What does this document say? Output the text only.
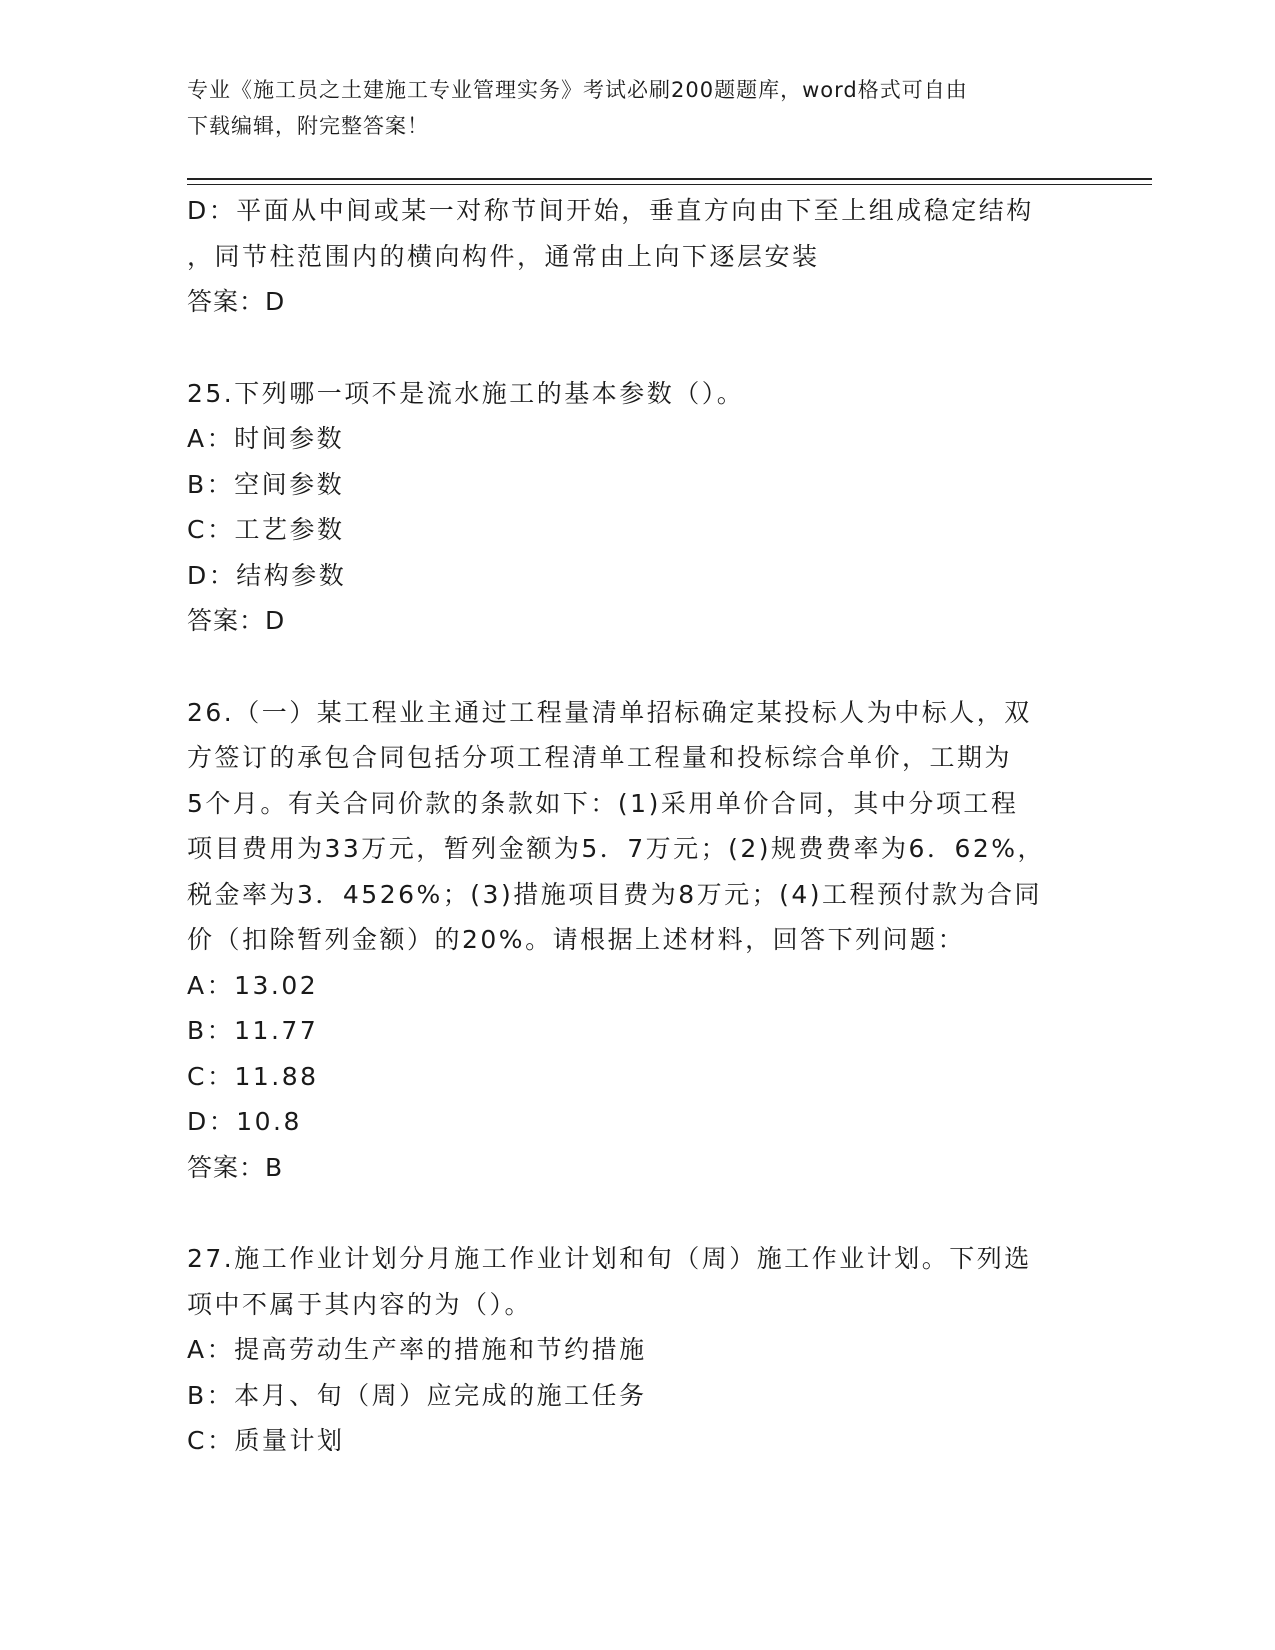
专业《施工员之土建施工专业管理实务》考试必刷200题题库，word格式可自由
下载编辑，附完整答案！
D：平面从中间或某一对称节间开始，垂直方向由下至上组成稳定结构
，同节柱范围内的横向构件，通常由上向下逐层安装
答案：D
25.下列哪一项不是流水施工的基本参数（）。
A：时间参数
B：空间参数
C：工艺参数
D：结构参数
答案：D
26.（一）某工程业主通过工程量清单招标确定某投标人为中标人，双
方签订的承包合同包括分项工程清单工程量和投标综合单价，工期为
5个月。有关合同价款的条款如下：(1)采用单价合同，其中分项工程
项目费用为33万元，暂列金额为5．7万元；(2)规费费率为6．62%，
税金率为3．4526%；(3)措施项目费为8万元；(4)工程预付款为合同
价（扣除暂列金额）的20%。请根据上述材料，回答下列问题：
A：13.02
B：11.77
C：11.88
D：10.8
答案：B
27.施工作业计划分月施工作业计划和旬（周）施工作业计划。下列选
项中不属于其内容的为（）。
A：提高劳动生产率的措施和节约措施
B：本月、旬（周）应完成的施工任务
C：质量计划
